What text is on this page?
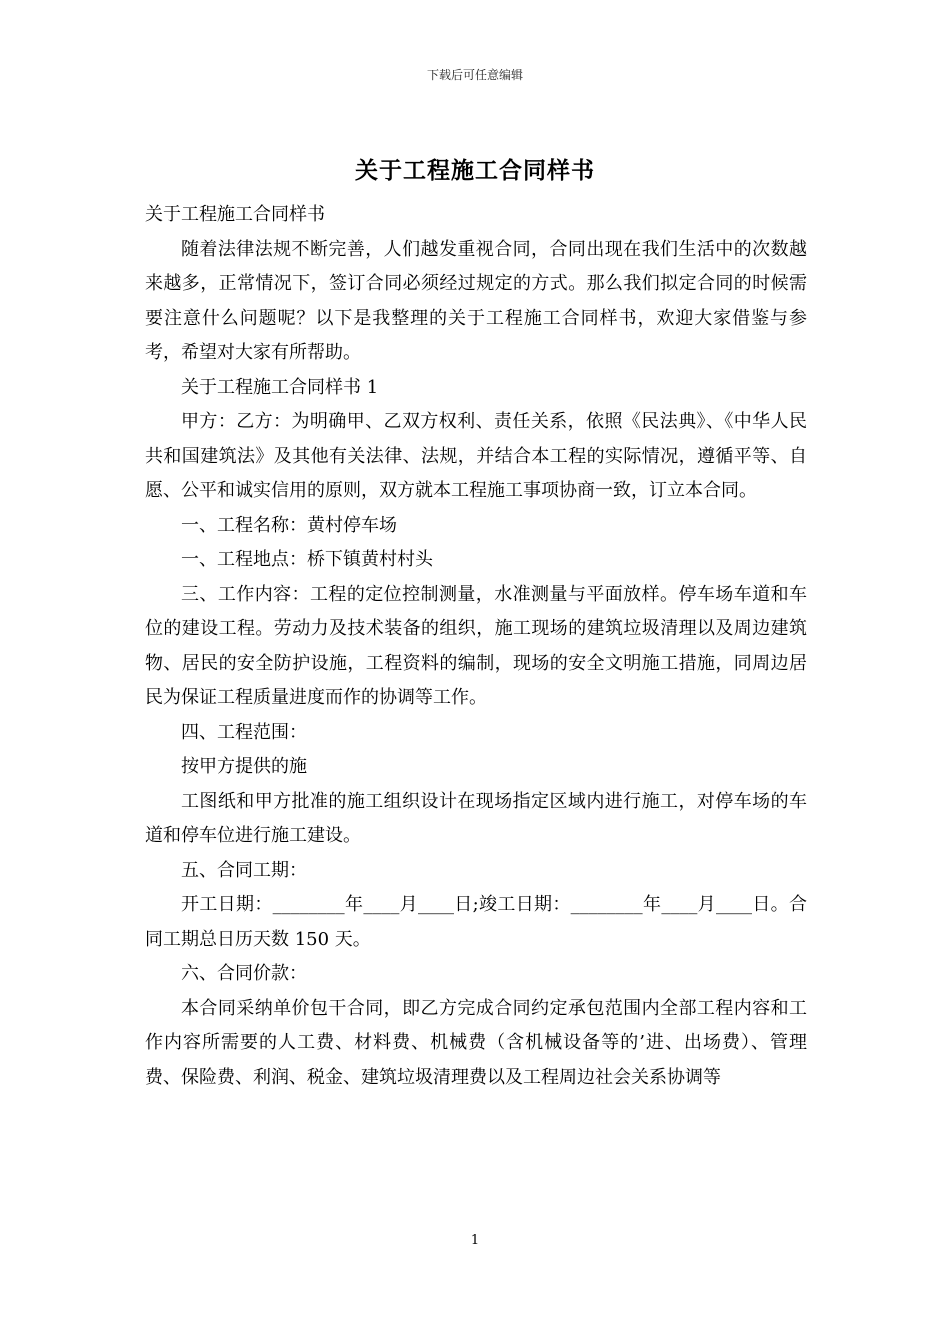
下载后可任意编辑
关于工程施工合同样书

关于工程施工合同样书

随着法律法规不断完善，人们越发重视合同，合同出现在我们生活中的次数越来越多，正常情况下，签订合同必须经过规定的方式。那么我们拟定合同的时候需要注意什么问题呢？以下是我整理的关于工程施工合同样书，欢迎大家借鉴与参考，希望对大家有所帮助。

关于工程施工合同样书 1

甲方：乙方：为明确甲、乙双方权利、责任关系，依照《民法典》、《中华人民共和国建筑法》及其他有关法律、法规，并结合本工程的实际情况，遵循平等、自愿、公平和诚实信用的原则，双方就本工程施工事项协商一致，订立本合同。

一、工程名称：黄村停车场

一、工程地点：桥下镇黄村村头

三、工作内容：工程的定位控制测量，水准测量与平面放样。停车场车道和车位的建设工程。劳动力及技术装备的组织，施工现场的建筑垃圾清理以及周边建筑物、居民的安全防护设施，工程资料的编制，现场的安全文明施工措施，同周边居民为保证工程质量进度而作的协调等工作。

四、工程范围：

按甲方提供的施

工图纸和甲方批准的施工组织设计在现场指定区域内进行施工，对停车场的车道和停车位进行施工建设。

五、合同工期：

开工日期：________年____月____日;竣工日期：________年____月____日。合同工期总日历天数 150 天。

六、合同价款：

本合同采纳单价包干合同，即乙方完成合同约定承包范围内全部工程内容和工作内容所需要的人工费、材料费、机械费（含机械设备等的’进、出场费）、管理费、保险费、利润、税金、建筑垃圾清理费以及工程周边社会关系协调等

1
